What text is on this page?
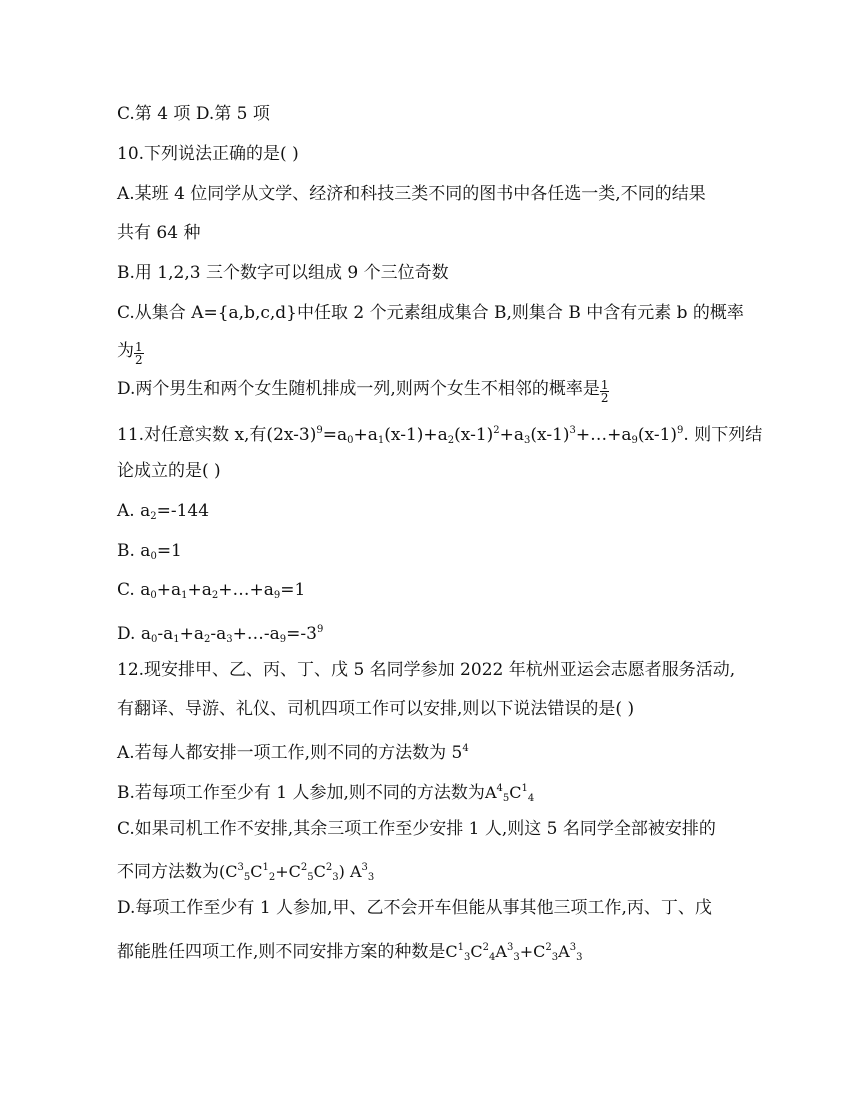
C.第 4 项 D.第 5 项
10.下列说法正确的是( )
A.某班 4 位同学从文学、经济和科技三类不同的图书中各任选一类,不同的结果
共有 64 种
B.用 1,2,3 三个数字可以组成 9 个三位奇数
C.从集合 A={a,b,c,d}中任取 2 个元素组成集合 B,则集合 B 中含有元素 b 的概率
为 $\frac{1}{2}$
D.两个男生和两个女生随机排成一列,则两个女生不相邻的概率是 $\frac{1}{2}$
11.对任意实数 x,有$(2x-3)^9=a_0+a_1(x-1)+a_2(x-1)^2+a_3(x-1)^3+\dots+a_9(x-1)^9$. 则下列结
论成立的是( )
A. $a_2=-144$
B. $a_0=1$
C. $a_0+a_1+a_2+\dots+a_9=1$
D. $a_0-a_1+a_2-a_3+\dots-a_9=-3^9$
12.现安排甲、乙、丙、丁、戊 5 名同学参加 2022 年杭州亚运会志愿者服务活动,
有翻译、导游、礼仪、司机四项工作可以安排,则以下说法错误的是( )
A.若每人都安排一项工作,则不同的方法数为 $5^4$
B.若每项工作至少有 1 人参加,则不同的方法数为$A^4_5C^1_4$
C.如果司机工作不安排,其余三项工作至少安排 1 人,则这 5 名同学全部被安排的
不同方法数为$(C^3_5C^1_2+C^2_5C^2_3)$ $A^3_3$
D.每项工作至少有 1 人参加,甲、乙不会开车但能从事其他三项工作,丙、丁、戊
都能胜任四项工作,则不同安排方案的种数是$C^1_3C^2_4A^3_3+C^2_3A^3_3$
